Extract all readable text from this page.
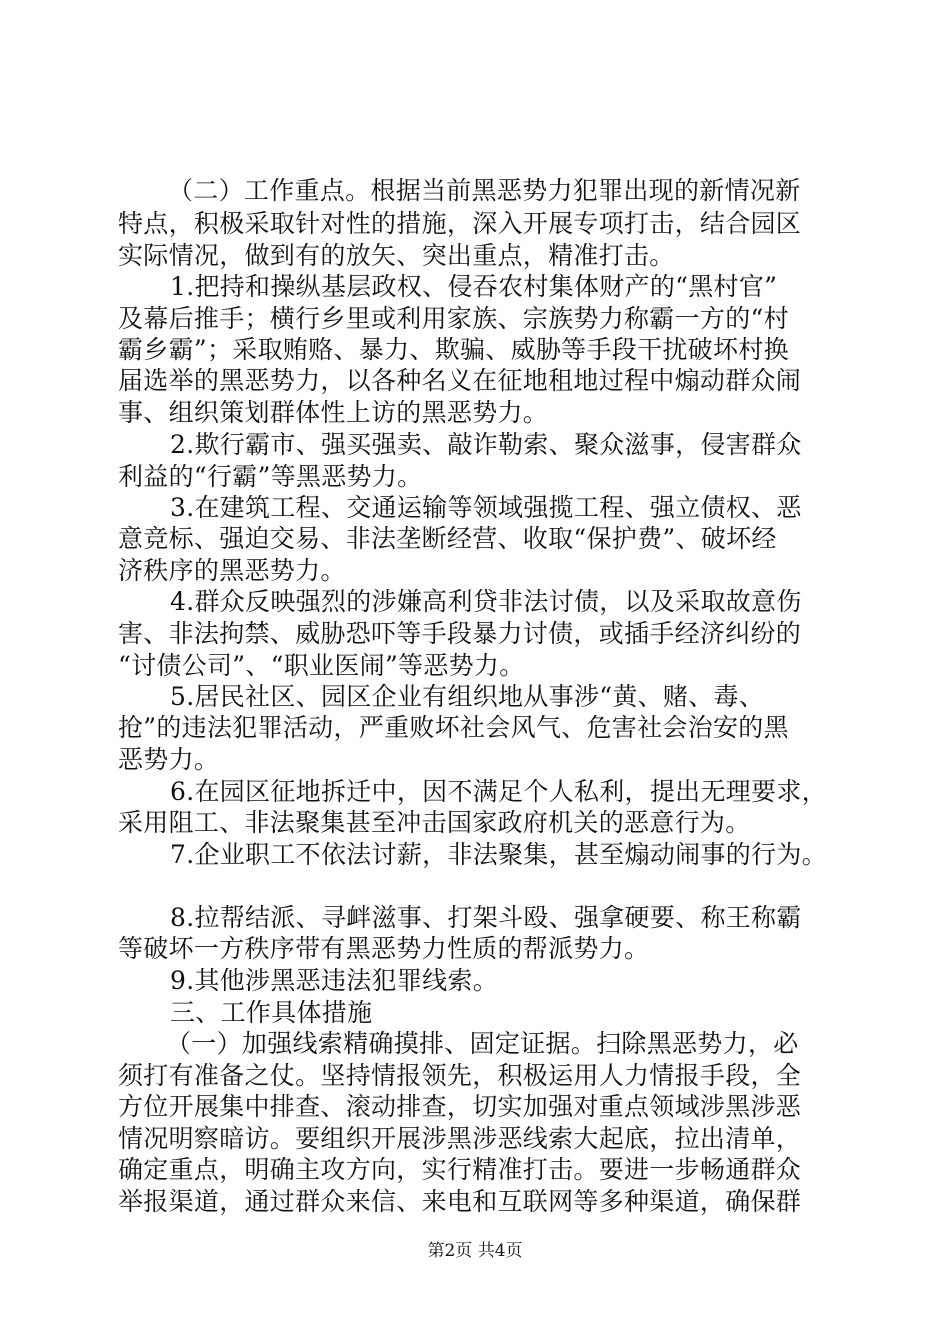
（二）工作重点。根据当前黑恶势力犯罪出现的新情况新
特点，积极采取针对性的措施，深入开展专项打击，结合园区
实际情况，做到有的放矢、突出重点，精准打击。
1.把持和操纵基层政权、侵吞农村集体财产的“黑村官”
及幕后推手；横行乡里或利用家族、宗族势力称霸一方的“村
霸乡霸”；采取贿赂、暴力、欺骗、威胁等手段干扰破坏村换
届选举的黑恶势力，以各种名义在征地租地过程中煽动群众闹
事、组织策划群体性上访的黑恶势力。
2.欺行霸市、强买强卖、敲诈勒索、聚众滋事，侵害群众
利益的“行霸”等黑恶势力。
3.在建筑工程、交通运输等领域强揽工程、强立债权、恶
意竞标、强迫交易、非法垄断经营、收取“保护费”、破坏经
济秩序的黑恶势力。
4.群众反映强烈的涉嫌高利贷非法讨债，以及采取故意伤
害、非法拘禁、威胁恐吓等手段暴力讨债，或插手经济纠纷的
“讨债公司”、“职业医闹”等恶势力。
5.居民社区、园区企业有组织地从事涉“黄、赌、毒、
抢”的违法犯罪活动，严重败坏社会风气、危害社会治安的黑
恶势力。
6.在园区征地拆迁中，因不满足个人私利，提出无理要求，
采用阻工、非法聚集甚至冲击国家政府机关的恶意行为。
7.企业职工不依法讨薪，非法聚集，甚至煽动闹事的行为。
8.拉帮结派、寻衅滋事、打架斗殴、强拿硬要、称王称霸
等破坏一方秩序带有黑恶势力性质的帮派势力。
9.其他涉黑恶违法犯罪线索。
三、工作具体措施
（一）加强线索精确摸排、固定证据。扫除黑恶势力，必
须打有准备之仗。坚持情报领先，积极运用人力情报手段，全
方位开展集中排查、滚动排查，切实加强对重点领域涉黑涉恶
情况明察暗访。要组织开展涉黑涉恶线索大起底，拉出清单，
确定重点，明确主攻方向，实行精准打击。要进一步畅通群众
举报渠道，通过群众来信、来电和互联网等多种渠道，确保群
第2页 共4页
